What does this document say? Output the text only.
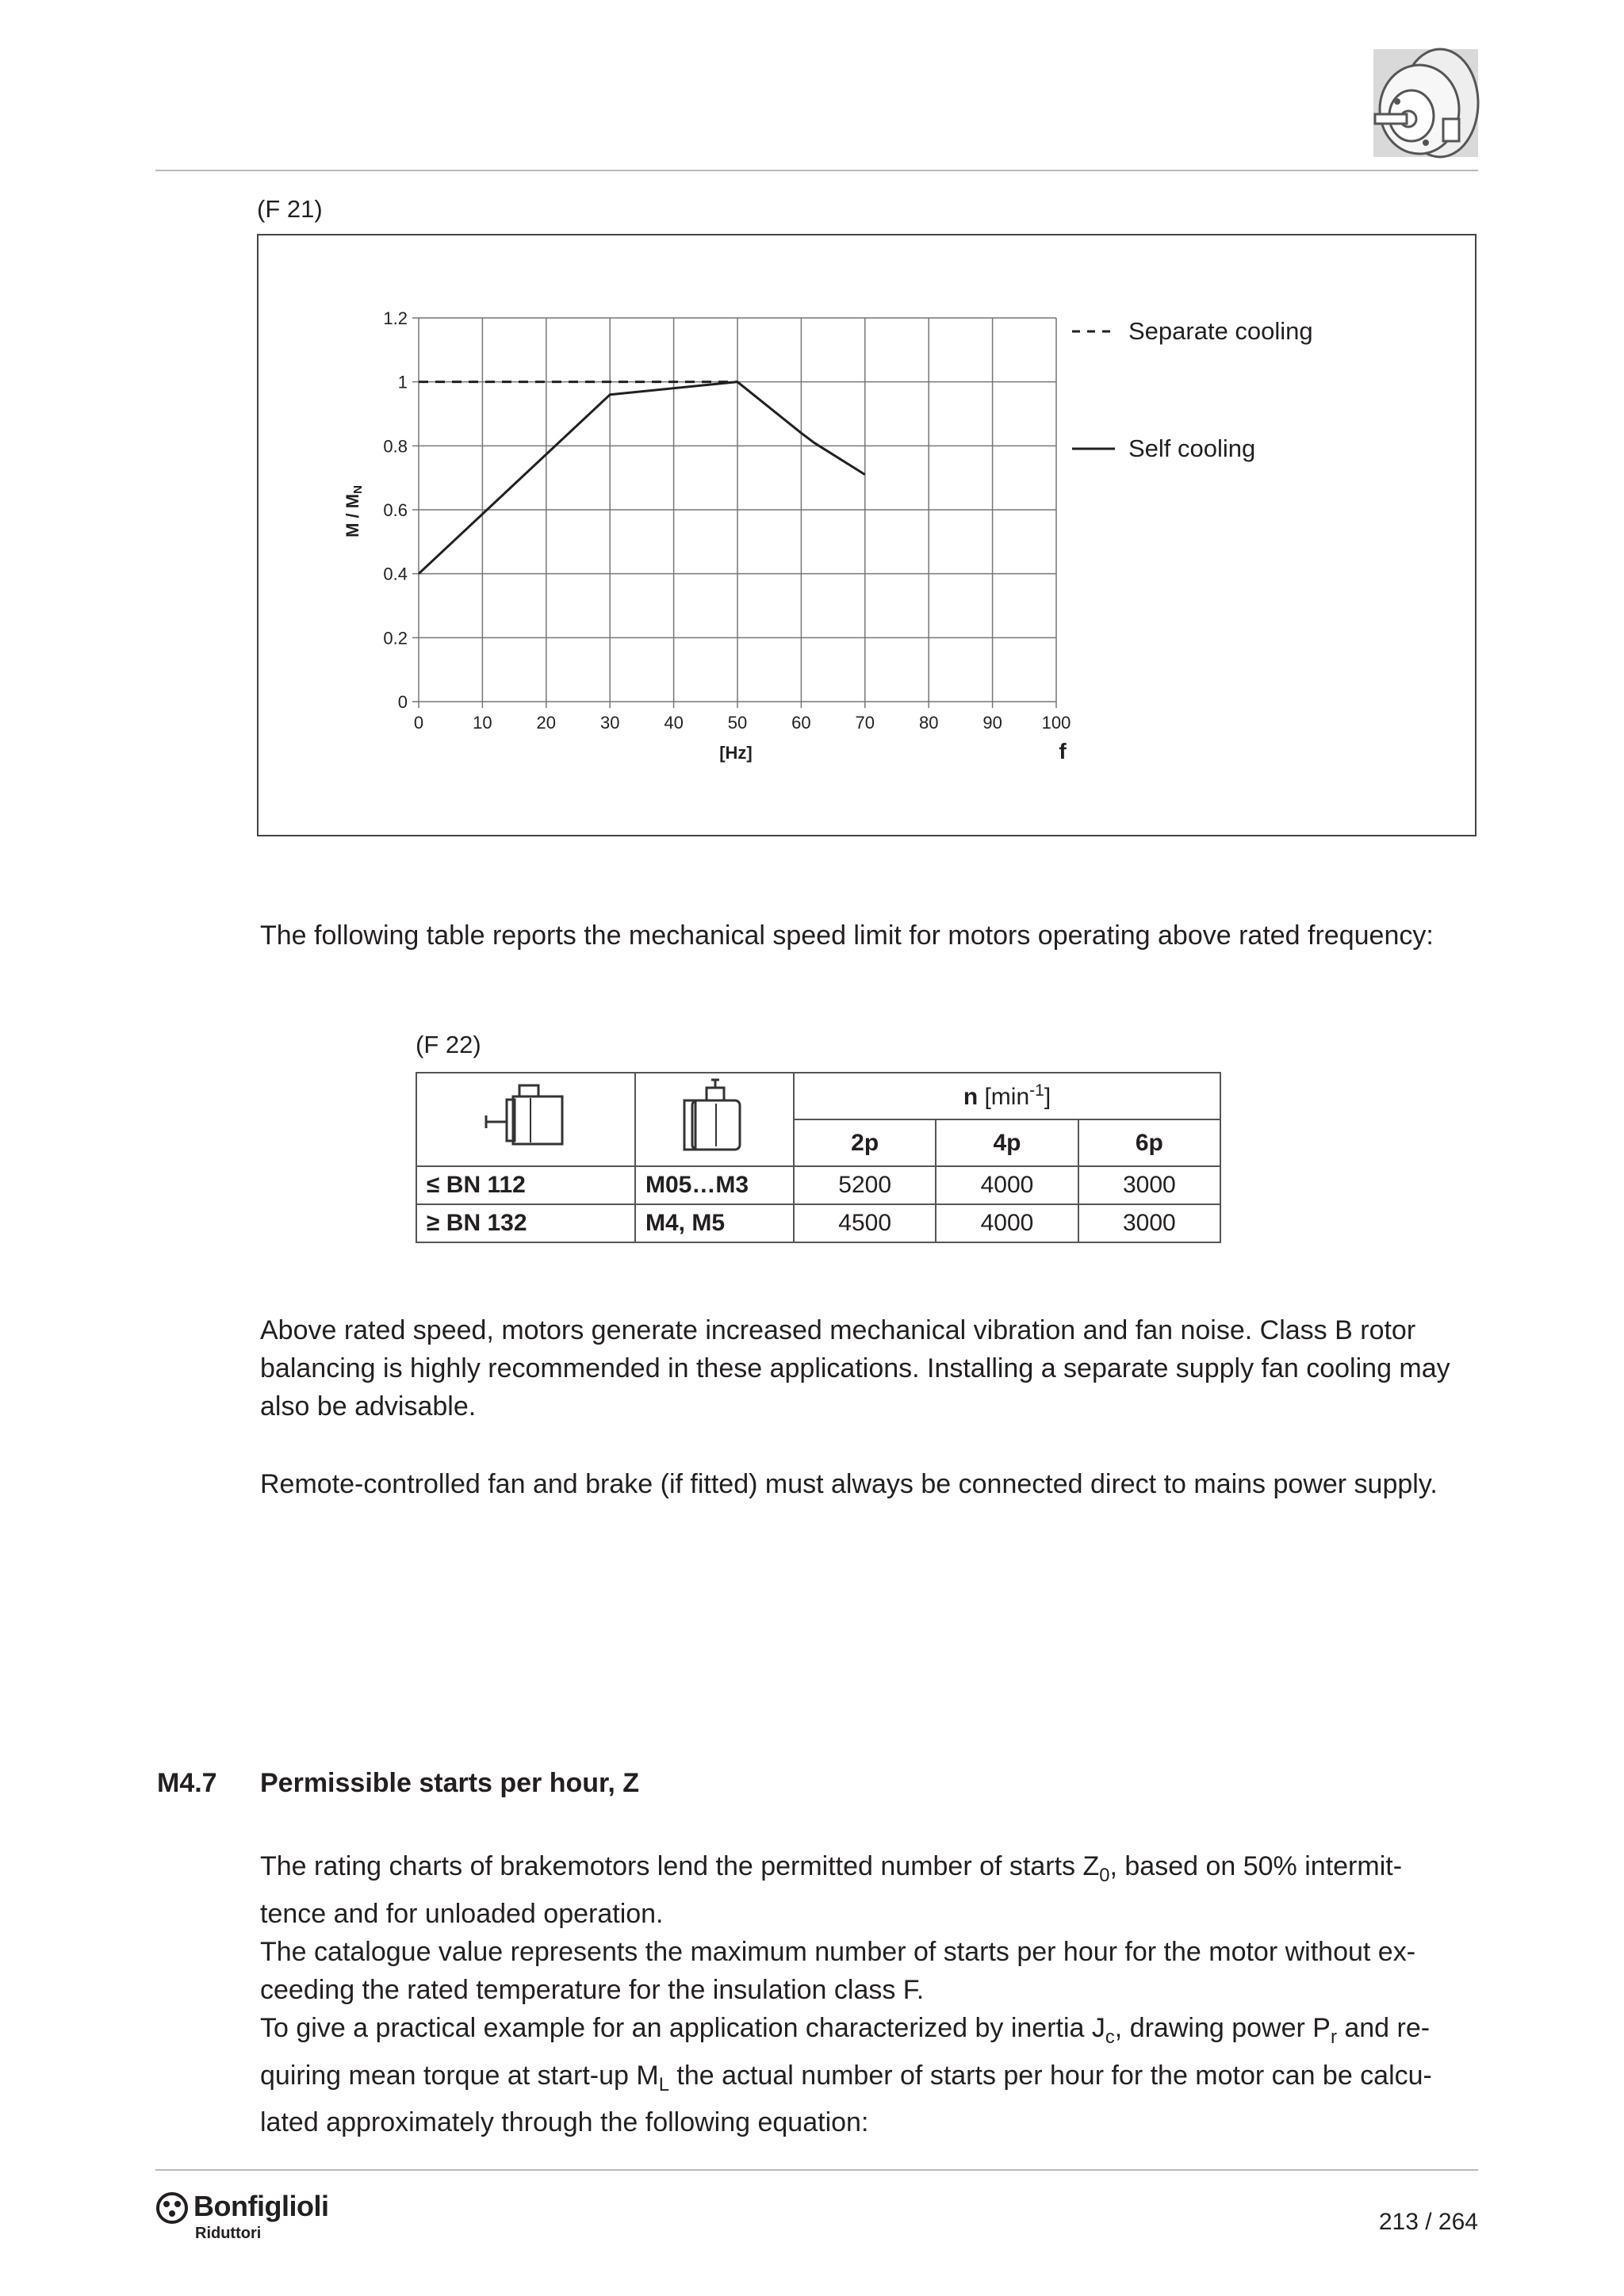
(F 21)
0
0.2
0.4
0.6
0.8
1
1.2
0	10	20	30	40	50	60	70	80	90 100
M / MN
[Hz]	f
Separate cooling
Self cooling
The following table reports the mechanical speed limit for motors operating above rated frequency:
(F 22)
		n $[\min^{-1}]$		
		2p	4p	6p
≤ BN 112	M05…M3	5200	4000	3000
≥ BN 132	M4, M5	4500	4000	3000
Above rated speed, motors generate increased mechanical vibration and fan noise. Class B rotor
balancing is highly recommended in these applications. Installing a separate supply fan cooling may
also be advisable.
Remote-controlled fan and brake (if fitted) must always be connected direct to mains power supply.
M4.7 Permissible starts per hour, Z
The rating charts of brakemotors lend the permitted number of starts $Z_0$, based on 50% intermit-
tence and for unloaded operation.
The catalogue value represents the maximum number of starts per hour for the motor without ex-
ceeding the rated temperature for the insulation class F.
To give a practical example for an application characterized by inertia $J_c$, drawing power $P_r$ and re-
quiring mean torque at start-up $M_L$ the actual number of starts per hour for the motor can be calcu-
lated approximately through the following equation:
Bonfiglioli
Riduttori	213 / 264
